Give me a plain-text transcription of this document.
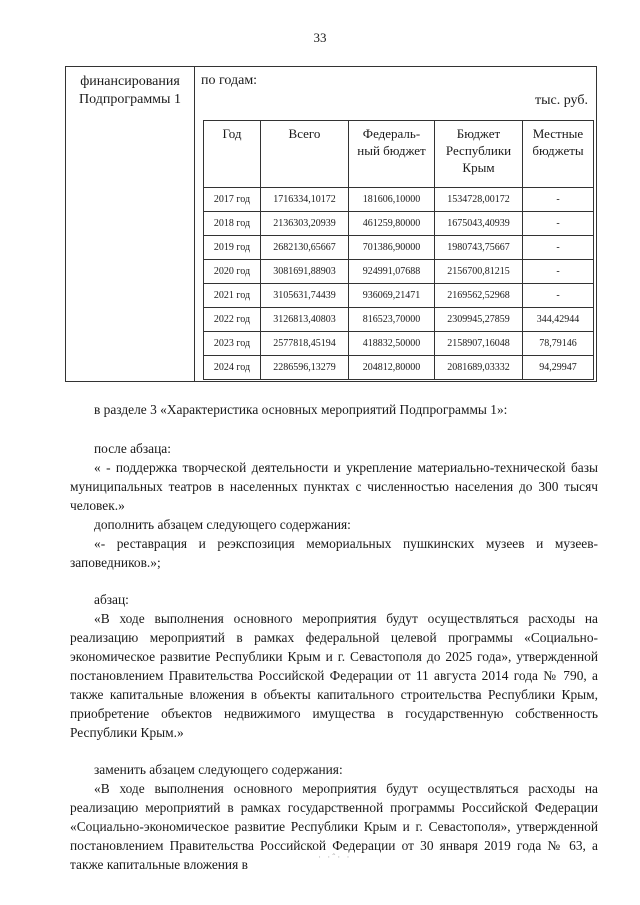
33
финансирования
Подпрограммы 1
по годам:
тыс. руб.
Год	Всего	Федераль-ный бюджет	Бюджет Республики Крым	Местные бюджеты
2017 год	1716334,10172	181606,10000	1534728,00172	-
2018 год	2136303,20939	461259,80000	1675043,40939	-
2019 год	2682130,65667	701386,90000	1980743,75667	-
2020 год	3081691,88903	924991,07688	2156700,81215	-
2021 год	3105631,74439	936069,21471	2169562,52968	-
2022 год	3126813,40803	816523,70000	2309945,27859	344,42944
2023 год	2577818,45194	418832,50000	2158907,16048	78,79146
2024 год	2286596,13279	204812,80000	2081689,03332	94,29947

в разделе 3 «Характеристика основных мероприятий Подпрограммы 1»:

после абзаца:

« - поддержка творческой деятельности и укрепление материально-технической базы муниципальных театров в населенных пунктах с численностью населения до 300 тысяч человек.»

дополнить абзацем следующего содержания:

«- реставрация и реэкспозиция мемориальных пушкинских музеев и музеев-заповедников.»;

абзац:

«В ходе выполнения основного мероприятия будут осуществляться расходы на реализацию мероприятий в рамках федеральной целевой программы «Социально-экономическое развитие Республики Крым и г. Севастополя до 2025 года», утвержденной постановлением Правительства Российской Федерации от 11 августа 2014 года № 790, а также капитальные вложения в объекты капитального строительства Республики Крым, приобретение объектов недвижимого имущества в государственную собственность Республики Крым.»

заменить абзацем следующего содержания:

«В ходе выполнения основного мероприятия будут осуществляться расходы на реализацию мероприятий в рамках государственной программы Российской Федерации «Социально-экономическое развитие Республики Крым и г. Севастополя», утвержденной постановлением Правительства Российской Федерации от 30 января 2019 года № 63, а также капитальные вложения в	· ·ˆ· ·
